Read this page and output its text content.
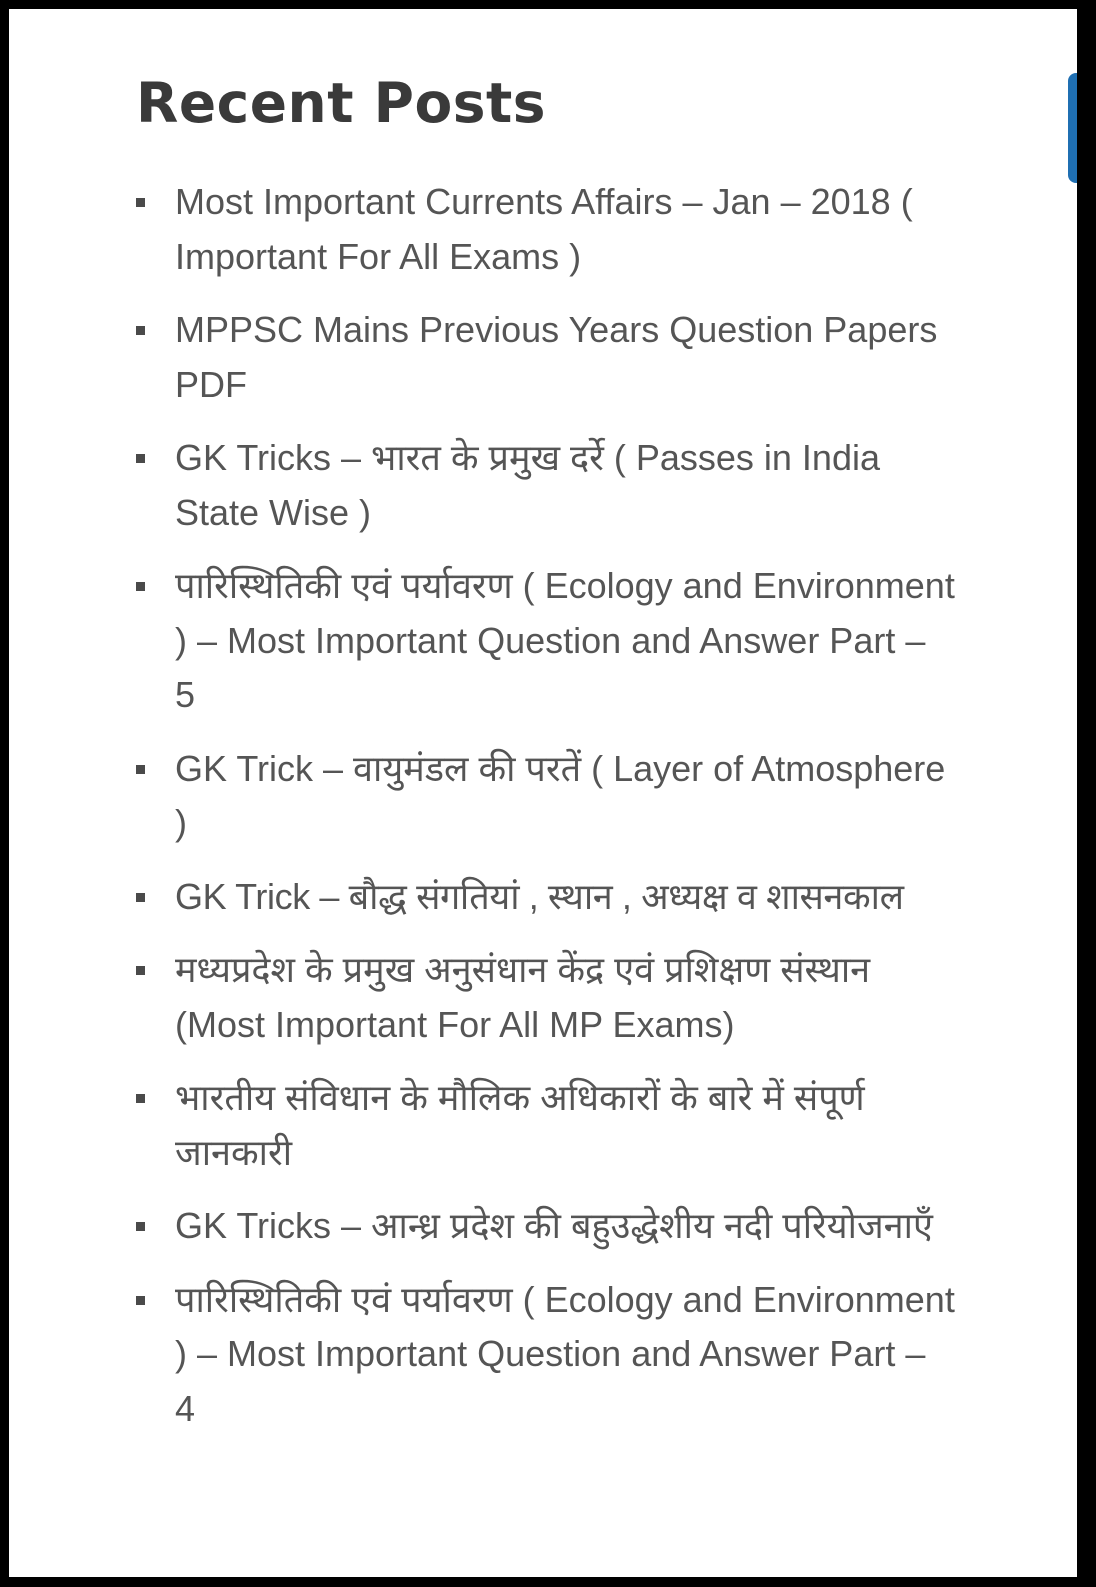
Recent Posts
Most Important Currents Affairs – Jan – 2018 ( Important For All Exams )
MPPSC Mains Previous Years Question Papers PDF
GK Tricks – भारत के प्रमुख दर्रे ( Passes in India State Wise )
पारिस्थितिकी एवं पर्यावरण ( Ecology and Environment ) – Most Important Question and Answer Part – 5
GK Trick – वायुमंडल की परतें ( Layer of Atmosphere )
GK Trick – बौद्ध संगतियां , स्थान , अध्यक्ष व शासनकाल
मध्यप्रदेश के प्रमुख अनुसंधान केंद्र एवं प्रशिक्षण संस्थान (Most Important For All MP Exams)
भारतीय संविधान के मौलिक अधिकारों के बारे में संपूर्ण जानकारी
GK Tricks – आन्ध्र प्रदेश की बहुउद्धेशीय नदी परियोजनाएँ
पारिस्थितिकी एवं पर्यावरण ( Ecology and Environment ) – Most Important Question and Answer Part – 4
